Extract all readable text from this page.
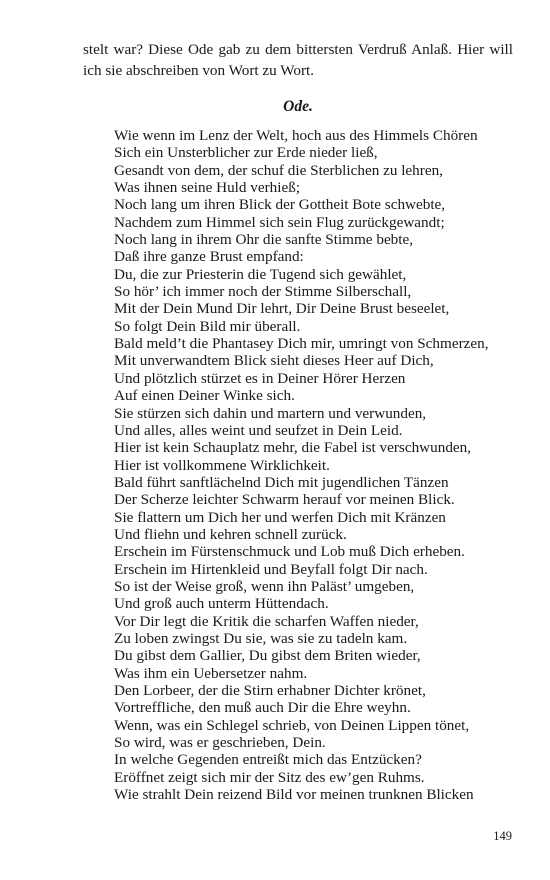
stelt war? Diese Ode gab zu dem bittersten Verdruß Anlaß. Hier will
ich sie abschreiben von Wort zu Wort.
Ode.
Wie wenn im Lenz der Welt, hoch aus des Himmels Chören
Sich ein Unsterblicher zur Erde nieder ließ,
Gesandt von dem, der schuf die Sterblichen zu lehren,
Was ihnen seine Huld verhieß;
Noch lang um ihren Blick der Gottheit Bote schwebte,
Nachdem zum Himmel sich sein Flug zurückgewandt;
Noch lang in ihrem Ohr die sanfte Stimme bebte,
Daß ihre ganze Brust empfand:
Du, die zur Priesterin die Tugend sich gewählet,
So hör’ ich immer noch der Stimme Silberschall,
Mit der Dein Mund Dir lehrt, Dir Deine Brust beseelet,
So folgt Dein Bild mir überall.
Bald meld’t die Phantasey Dich mir, umringt von Schmerzen,
Mit unverwandtem Blick sieht dieses Heer auf Dich,
Und plötzlich stürzet es in Deiner Hörer Herzen
Auf einen Deiner Winke sich.
Sie stürzen sich dahin und martern und verwunden,
Und alles, alles weint und seufzet in Dein Leid.
Hier ist kein Schauplatz mehr, die Fabel ist verschwunden,
Hier ist vollkommene Wirklichkeit.
Bald führt sanftlächelnd Dich mit jugendlichen Tänzen
Der Scherze leichter Schwarm herauf vor meinen Blick.
Sie flattern um Dich her und werfen Dich mit Kränzen
Und fliehn und kehren schnell zurück.
Erschein im Fürstenschmuck und Lob muß Dich erheben.
Erschein im Hirtenkleid und Beyfall folgt Dir nach.
So ist der Weise groß, wenn ihn Paläst’ umgeben,
Und groß auch unterm Hüttendach.
Vor Dir legt die Kritik die scharfen Waffen nieder,
Zu loben zwingst Du sie, was sie zu tadeln kam.
Du gibst dem Gallier, Du gibst dem Briten wieder,
Was ihm ein Uebersetzer nahm.
Den Lorbeer, der die Stirn erhabner Dichter krönet,
Vortreffliche, den muß auch Dir die Ehre weyhn.
Wenn, was ein Schlegel schrieb, von Deinen Lippen tönet,
So wird, was er geschrieben, Dein.
In welche Gegenden entreißt mich das Entzücken?
Eröffnet zeigt sich mir der Sitz des ew’gen Ruhms.
Wie strahlt Dein reizend Bild vor meinen trunknen Blicken
149
